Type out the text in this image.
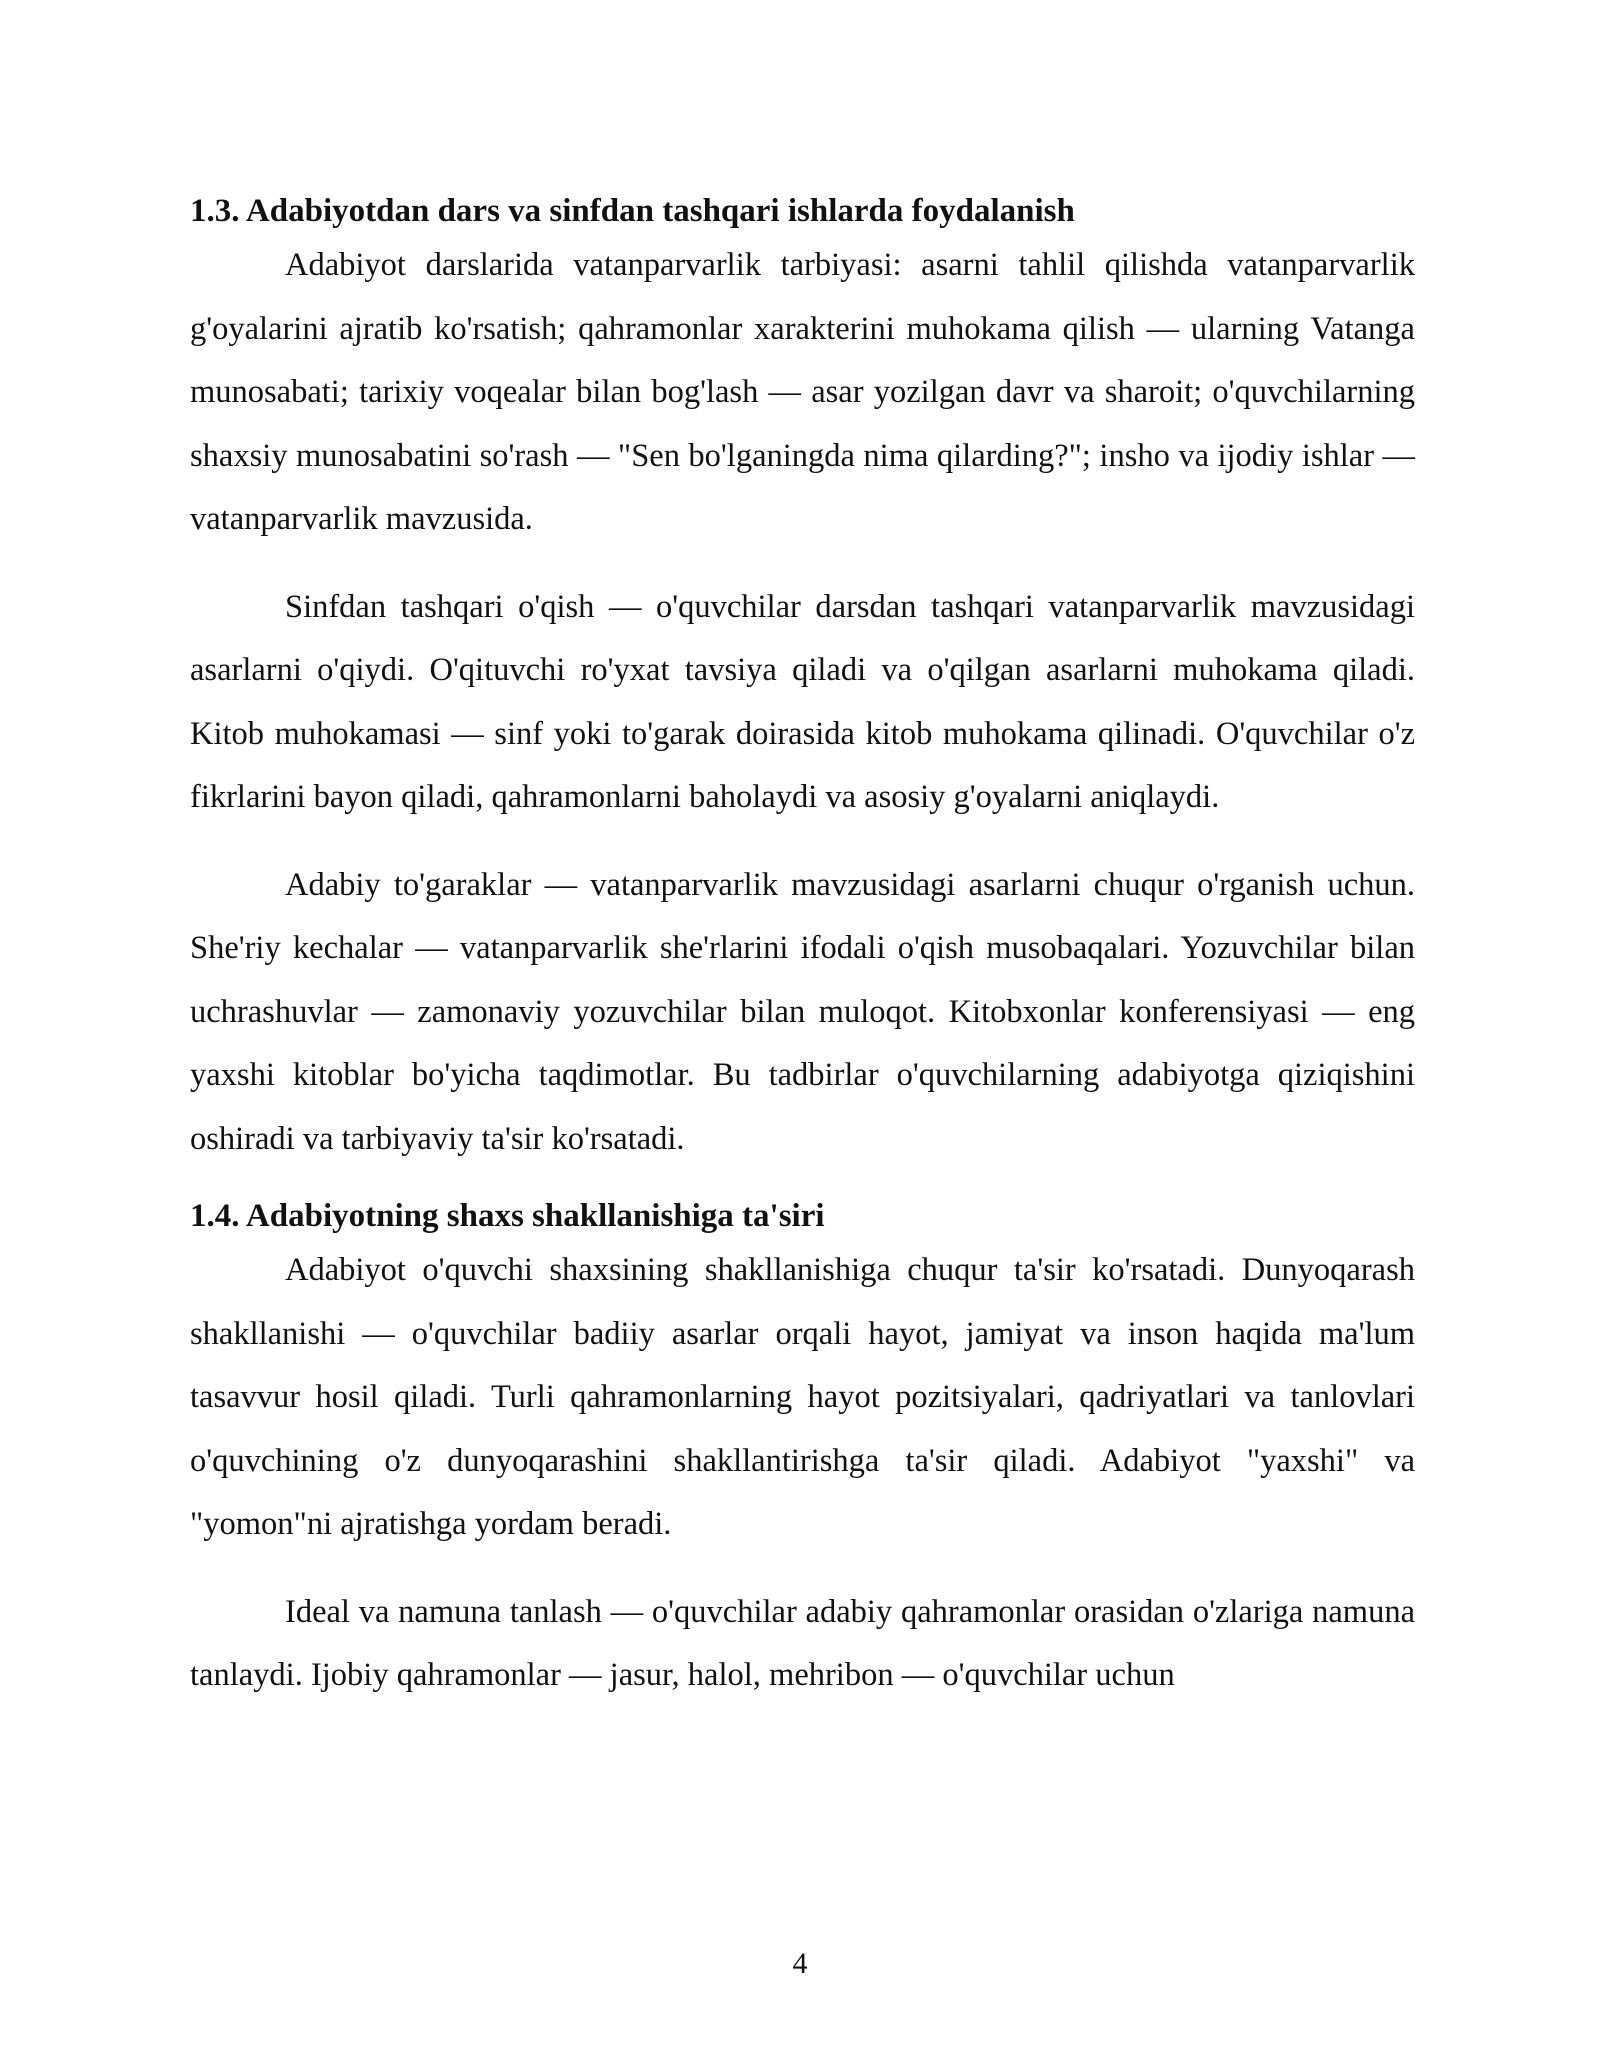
1.3. Adabiyotdan dars va sinfdan tashqari ishlarda foydalanish

Adabiyot darslarida vatanparvarlik tarbiyasi: asarni tahlil qilishda vatanparvarlik g'oyalarini ajratib ko'rsatish; qahramonlar xarakterini muhokama qilish — ularning Vatanga munosabati; tarixiy voqealar bilan bog'lash — asar yozilgan davr va sharoit; o'quvchilarning shaxsiy munosabatini so'rash — "Sen bo'lganingda nima qilarding?"; insho va ijodiy ishlar — vatanparvarlik mavzusida.

Sinfdan tashqari o'qish — o'quvchilar darsdan tashqari vatanparvarlik mavzusidagi asarlarni o'qiydi. O'qituvchi ro'yxat tavsiya qiladi va o'qilgan asarlarni muhokama qiladi. Kitob muhokamasi — sinf yoki to'garak doirasida kitob muhokama qilinadi. O'quvchilar o'z fikrlarini bayon qiladi, qahramonlarni baholaydi va asosiy g'oyalarni aniqlaydi.

Adabiy to'garaklar — vatanparvarlik mavzusidagi asarlarni chuqur o'rganish uchun. She'riy kechalar — vatanparvarlik she'rlarini ifodali o'qish musobaqalari. Yozuvchilar bilan uchrashuvlar — zamonaviy yozuvchilar bilan muloqot. Kitobxonlar konferensiyasi — eng yaxshi kitoblar bo'yicha taqdimotlar. Bu tadbirlar o'quvchilarning adabiyotga qiziqishini oshiradi va tarbiyaviy ta'sir ko'rsatadi.

1.4. Adabiyotning shaxs shakllanishiga ta'siri

Adabiyot o'quvchi shaxsining shakllanishiga chuqur ta'sir ko'rsatadi. Dunyoqarash shakllanishi — o'quvchilar badiiy asarlar orqali hayot, jamiyat va inson haqida ma'lum tasavvur hosil qiladi. Turli qahramonlarning hayot pozitsiyalari, qadriyatlari va tanlovlari o'quvchining o'z dunyoqarashini shakllantirishga ta'sir qiladi. Adabiyot "yaxshi" va "yomon"ni ajratishga yordam beradi.

Ideal va namuna tanlash — o'quvchilar adabiy qahramonlar orasidan o'zlariga namuna tanlaydi. Ijobiy qahramonlar — jasur, halol, mehribon — o'quvchilar uchun

4
